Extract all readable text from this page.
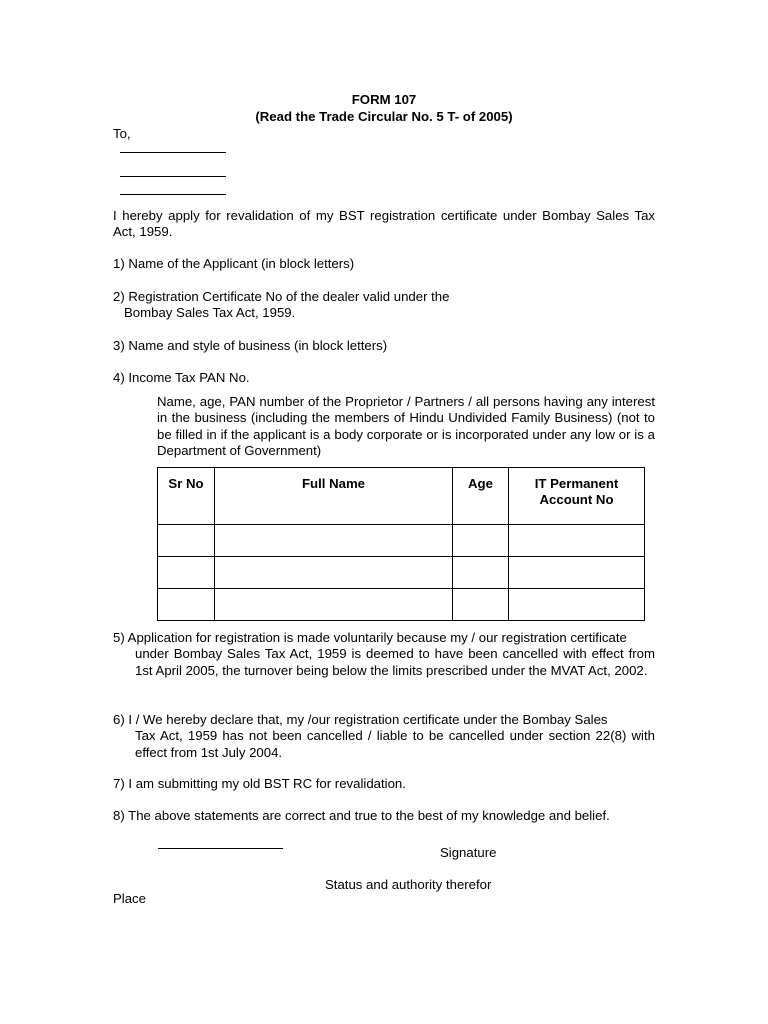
FORM 107
(Read the Trade Circular No. 5 T- of 2005)
To,
I hereby apply for revalidation of my BST registration certificate under Bombay Sales Tax Act, 1959.
1) Name of the Applicant (in block letters)
2) Registration Certificate No of the dealer valid under the
Bombay Sales Tax Act, 1959.
3) Name and style of business (in block letters)
4) Income Tax PAN No.
Name, age, PAN number of the Proprietor / Partners / all persons having any interest in the business (including the members of Hindu Undivided Family Business) (not to be filled in if the applicant is a body corporate or is incorporated under any low or is a Department of Government)
Sr No	Full Name	Age	IT Permanent Account No

5) Application for registration is made voluntarily because my / our registration certificate
under Bombay Sales Tax Act, 1959 is deemed to have been cancelled with effect from 1st April 2005, the turnover being below the limits prescribed under the MVAT Act, 2002.
6) I / We hereby declare that, my /our registration certificate under the Bombay Sales
Tax Act, 1959 has not been cancelled / liable to be cancelled under section 22(8) with effect from 1st July 2004.
7) I am submitting my old BST RC for revalidation.
8) The above statements are correct and true to the best of my knowledge and belief.
Signature
Status and authority therefor
Place
